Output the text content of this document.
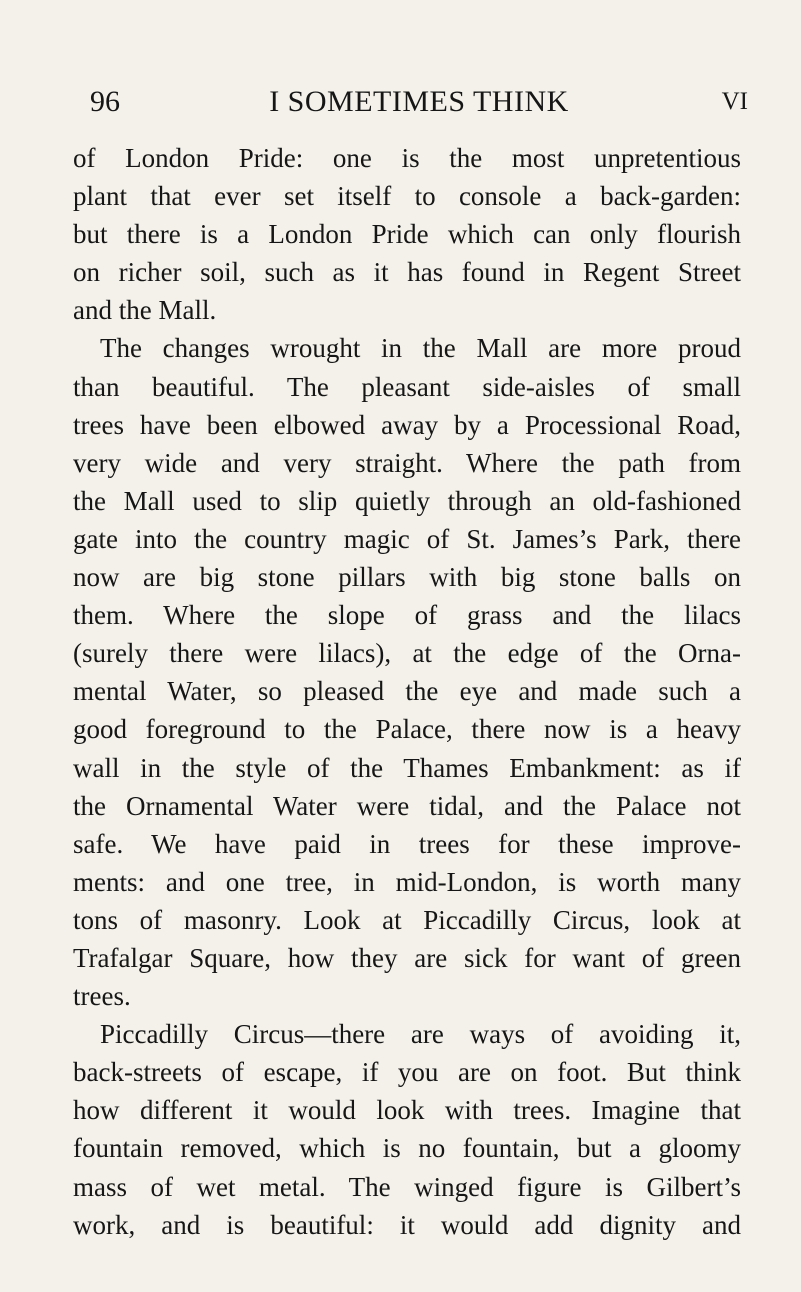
96	I SOMETIMES THINK	VI
of London Pride: one is the most unpretentious
plant that ever set itself to console a back-garden:
but there is a London Pride which can only flourish
on richer soil, such as it has found in Regent Street
and the Mall.
The changes wrought in the Mall are more proud
than beautiful. The pleasant side-aisles of small
trees have been elbowed away by a Processional Road,
very wide and very straight. Where the path from
the Mall used to slip quietly through an old-fashioned
gate into the country magic of St. James’s Park, there
now are big stone pillars with big stone balls on
them. Where the slope of grass and the lilacs
(surely there were lilacs), at the edge of the Orna-
mental Water, so pleased the eye and made such a
good foreground to the Palace, there now is a heavy
wall in the style of the Thames Embankment: as if
the Ornamental Water were tidal, and the Palace not
safe. We have paid in trees for these improve-
ments: and one tree, in mid-London, is worth many
tons of masonry. Look at Piccadilly Circus, look at
Trafalgar Square, how they are sick for want of green
trees.
Piccadilly Circus—there are ways of avoiding it,
back-streets of escape, if you are on foot. But think
how different it would look with trees. Imagine that
fountain removed, which is no fountain, but a gloomy
mass of wet metal. The winged figure is Gilbert’s
work, and is beautiful: it would add dignity and
